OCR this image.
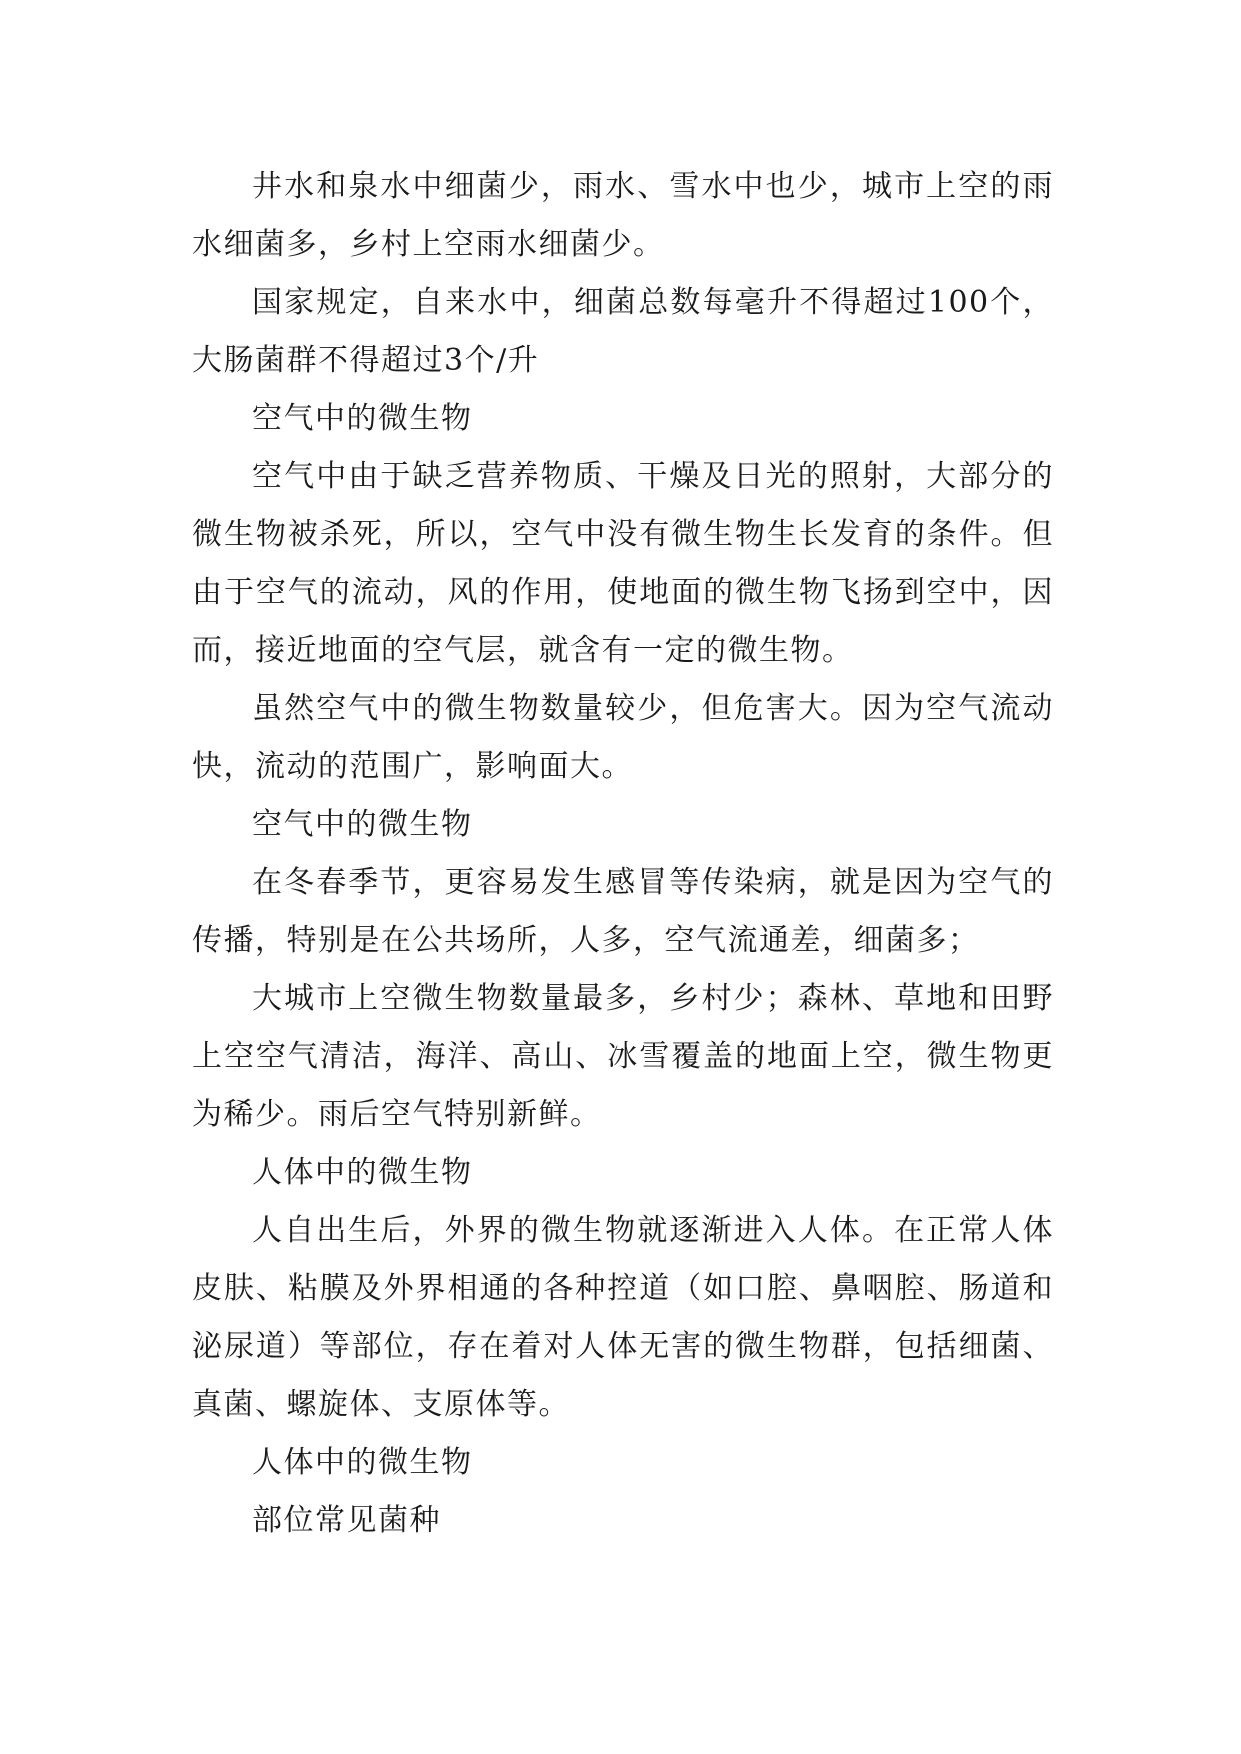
井水和泉水中细菌少，雨水、雪水中也少，城市上空的雨水细菌多，乡村上空雨水细菌少。

国家规定，自来水中，细菌总数每毫升不得超过100个，大肠菌群不得超过3个/升

空气中的微生物

空气中由于缺乏营养物质、干燥及日光的照射，大部分的微生物被杀死，所以，空气中没有微生物生长发育的条件。但由于空气的流动，风的作用，使地面的微生物飞扬到空中，因而，接近地面的空气层，就含有一定的微生物。

虽然空气中的微生物数量较少，但危害大。因为空气流动快，流动的范围广，影响面大。

空气中的微生物

在冬春季节，更容易发生感冒等传染病，就是因为空气的传播，特别是在公共场所，人多，空气流通差，细菌多；

大城市上空微生物数量最多，乡村少；森林、草地和田野上空空气清洁，海洋、高山、冰雪覆盖的地面上空，微生物更为稀少。雨后空气特别新鲜。

人体中的微生物

人自出生后，外界的微生物就逐渐进入人体。在正常人体皮肤、粘膜及外界相通的各种控道（如口腔、鼻咽腔、肠道和泌尿道）等部位，存在着对人体无害的微生物群，包括细菌、真菌、螺旋体、支原体等。

人体中的微生物

部位常见菌种
